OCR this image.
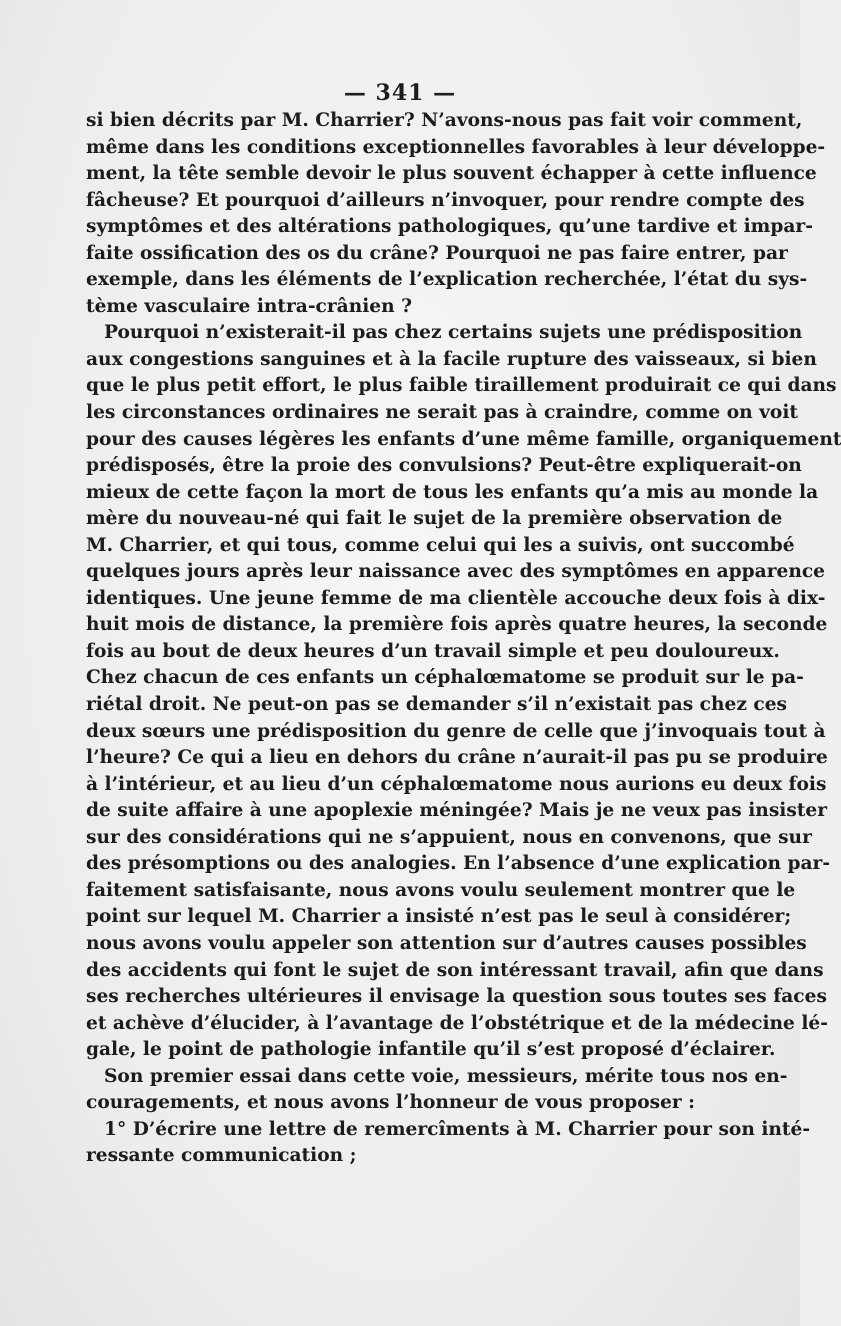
— 341 —
si bien décrits par M. Charrier? N’avons-nous pas fait voir comment,
même dans les conditions exceptionnelles favorables à leur développe-
ment, la tête semble devoir le plus souvent échapper à cette influence
fâcheuse? Et pourquoi d’ailleurs n’invoquer, pour rendre compte des
symptômes et des altérations pathologiques, qu’une tardive et impar-
faite ossification des os du crâne? Pourquoi ne pas faire entrer, par
exemple, dans les éléments de l’explication recherchée, l’état du sys-
tème vasculaire intra-crânien ?
Pourquoi n’existerait-il pas chez certains sujets une prédisposition
aux congestions sanguines et à la facile rupture des vaisseaux, si bien
que le plus petit effort, le plus faible tiraillement produirait ce qui dans
les circonstances ordinaires ne serait pas à craindre, comme on voit
pour des causes légères les enfants d’une même famille, organiquement
prédisposés, être la proie des convulsions? Peut-être expliquerait-on
mieux de cette façon la mort de tous les enfants qu’a mis au monde la
mère du nouveau-né qui fait le sujet de la première observation de
M. Charrier, et qui tous, comme celui qui les a suivis, ont succombé
quelques jours après leur naissance avec des symptômes en apparence
identiques. Une jeune femme de ma clientèle accouche deux fois à dix-
huit mois de distance, la première fois après quatre heures, la seconde
fois au bout de deux heures d’un travail simple et peu douloureux.
Chez chacun de ces enfants un céphalœmatome se produit sur le pa-
riétal droit. Ne peut-on pas se demander s’il n’existait pas chez ces
deux sœurs une prédisposition du genre de celle que j’invoquais tout à
l’heure? Ce qui a lieu en dehors du crâne n’aurait-il pas pu se produire
à l’intérieur, et au lieu d’un céphalœmatome nous aurions eu deux fois
de suite affaire à une apoplexie méningée? Mais je ne veux pas insister
sur des considérations qui ne s’appuient, nous en convenons, que sur
des présomptions ou des analogies. En l’absence d’une explication par-
faitement satisfaisante, nous avons voulu seulement montrer que le
point sur lequel M. Charrier a insisté n’est pas le seul à considérer;
nous avons voulu appeler son attention sur d’autres causes possibles
des accidents qui font le sujet de son intéressant travail, afin que dans
ses recherches ultérieures il envisage la question sous toutes ses faces
et achève d’élucider, à l’avantage de l’obstétrique et de la médecine lé-
gale, le point de pathologie infantile qu’il s’est proposé d’éclairer.
Son premier essai dans cette voie, messieurs, mérite tous nos en-
couragements, et nous avons l’honneur de vous proposer :
1° D’écrire une lettre de remercîments à M. Charrier pour son inté-
ressante communication ;
